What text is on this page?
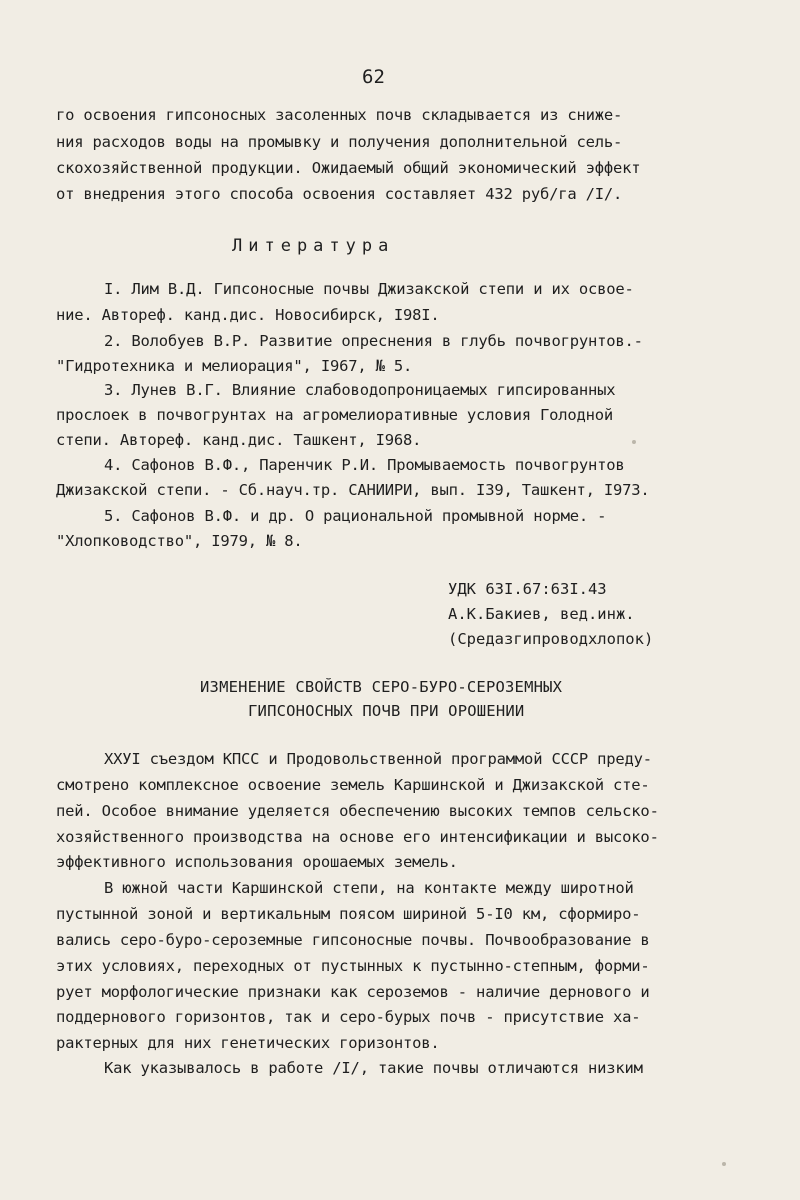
62
го освоения гипсоносных засоленных почв складывается из сниже-
ния расходов воды на промывку и получения дополнительной сель-
скохозяйственной продукции. Ожидаемый общий экономический эффект
от внедрения этого способа освоения составляет 432 руб/га /I/.
Литература
I. Лим В.Д. Гипсоносные почвы Джизакской степи и их освое-
ние. Автореф. канд.дис. Новосибирск, I98I.
2. Волобуев В.Р. Развитие опреснения в глубь почвогрунтов.-
"Гидротехника и мелиорация", I967, № 5.
3. Лунев В.Г. Влияние слабоводопроницаемых гипсированных
прослоек в почвогрунтах на агромелиоративные условия Голодной
степи. Автореф. канд.дис. Ташкент, I968.
4. Сафонов В.Ф., Паренчик Р.И. Промываемость почвогрунтов
Джизакской степи. - Сб.науч.тр. САНИИРИ, вып. I39, Ташкент, I973.
5. Сафонов В.Ф. и др. О рациональной промывной норме. -
"Хлопководство", I979, № 8.
УДК 63I.67:63I.43
А.К.Бакиев, вед.инж.
(Средазгипроводхлопок)
ИЗМЕНЕНИЕ СВОЙСТВ СЕРО-БУРО-СЕРОЗЕМНЫХ
ГИПСОНОСНЫХ ПОЧВ ПРИ ОРОШЕНИИ
XXУI съездом КПСС и Продовольственной программой СССР преду-
смотрено комплексное освоение земель Каршинской и Джизакской сте-
пей. Особое внимание уделяется обеспечению высоких темпов сельско-
хозяйственного производства на основе его интенсификации и высоко-
эффективного использования орошаемых земель.
В южной части Каршинской степи, на контакте между широтной
пустынной зоной и вертикальным поясом шириной 5-I0 км, сформиро-
вались серо-буро-сероземные гипсоносные почвы. Почвообразование в
этих условиях, переходных от пустынных к пустынно-степным, форми-
рует морфологические признаки как сероземов - наличие дернового и
поддернового горизонтов, так и серо-бурых почв - присутствие ха-
рактерных для них генетических горизонтов.
Как указывалось в работе /I/, такие почвы отличаются низким
